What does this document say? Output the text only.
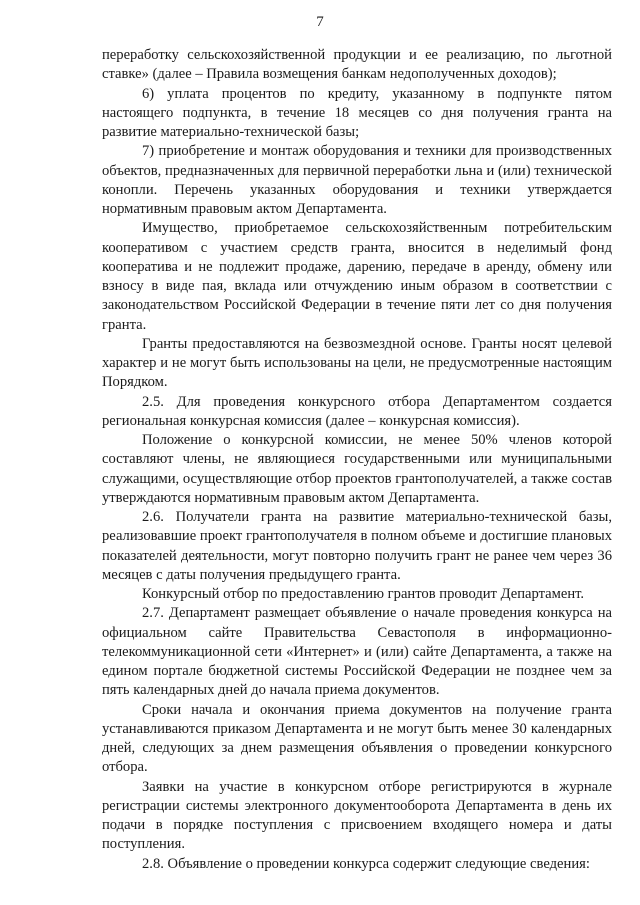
7

переработку сельскохозяйственной продукции и ее реализацию, по льготной ставке» (далее – Правила возмещения банкам недополученных доходов);

6) уплата процентов по кредиту, указанному в подпункте пятом настоящего подпункта, в течение 18 месяцев со дня получения гранта на развитие материально-технической базы;

7) приобретение и монтаж оборудования и техники для производственных объектов, предназначенных для первичной переработки льна и (или) технической конопли. Перечень указанных оборудования и техники утверждается нормативным правовым актом Департамента.

Имущество, приобретаемое сельскохозяйственным потребительским кооперативом с участием средств гранта, вносится в неделимый фонд кооператива и не подлежит продаже, дарению, передаче в аренду, обмену или взносу в виде пая, вклада или отчуждению иным образом в соответствии с законодательством Российской Федерации в течение пяти лет со дня получения гранта.

Гранты предоставляются на безвозмездной основе. Гранты носят целевой характер и не могут быть использованы на цели, не предусмотренные настоящим Порядком.

2.5. Для проведения конкурсного отбора Департаментом создается региональная конкурсная комиссия (далее – конкурсная комиссия).

Положение о конкурсной комиссии, не менее 50% членов которой составляют члены, не являющиеся государственными или муниципальными служащими, осуществляющие отбор проектов грантополучателей, а также состав утверждаются нормативным правовым актом Департамента.

2.6. Получатели гранта на развитие материально-технической базы, реализовавшие проект грантополучателя в полном объеме и достигшие плановых показателей деятельности, могут повторно получить грант не ранее чем через 36 месяцев с даты получения предыдущего гранта.

Конкурсный отбор по предоставлению грантов проводит Департамент.

2.7. Департамент размещает объявление о начале проведения конкурса на официальном сайте Правительства Севастополя в информационно-телекоммуникационной сети «Интернет» и (или) сайте Департамента, а также на едином портале бюджетной системы Российской Федерации не позднее чем за пять календарных дней до начала приема документов.

Сроки начала и окончания приема документов на получение гранта устанавливаются приказом Департамента и не могут быть менее 30 календарных дней, следующих за днем размещения объявления о проведении конкурсного отбора.

Заявки на участие в конкурсном отборе регистрируются в журнале регистрации системы электронного документооборота Департамента в день их подачи в порядке поступления с присвоением входящего номера и даты поступления.

2.8. Объявление о проведении конкурса содержит следующие сведения:
